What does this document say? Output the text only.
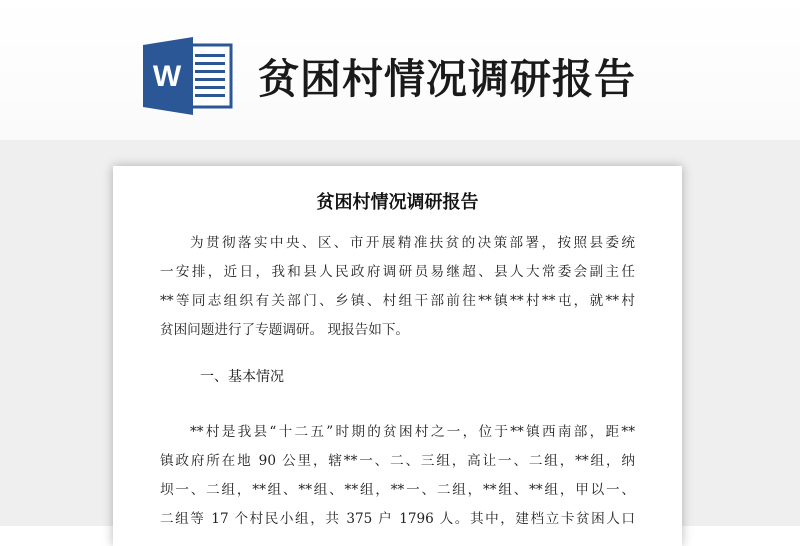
W 贫困村情况调研报告
贫困村情况调研报告
为贯彻落实中央、区、市开展精准扶贫的决策部署，按照县委统
一安排，近日，我和县人民政府调研员易继超、县人大常委会副主任
**等同志组织有关部门、乡镇、村组干部前往**镇**村**屯，就**村
贫困问题进行了专题调研。 现报告如下。
一、基本情况
**村是我县“十二五”时期的贫困村之一，位于**镇西南部，距**
镇政府所在地 90 公里，辖**一、二、三组，高让一、二组，**组，纳
坝一、二组，**组、**组、**组，**一、二组，**组、**组，甲以一、
二组等 17 个村民小组，共 375 户 1796 人。其中，建档立卡贫困人口
